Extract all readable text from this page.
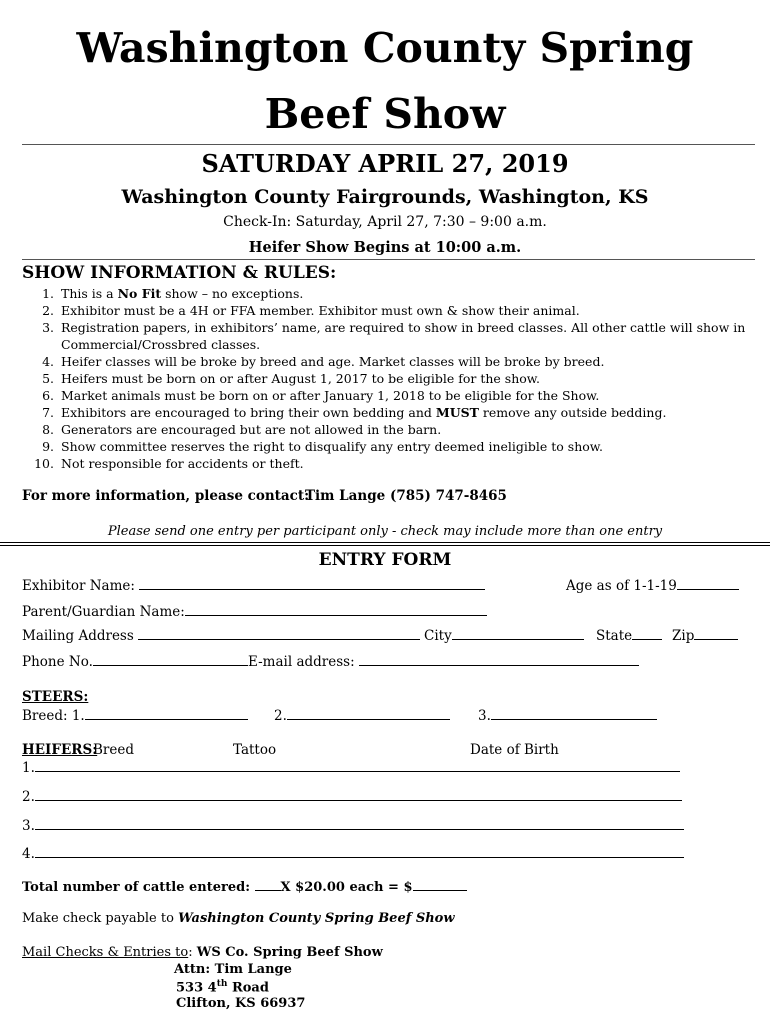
Washington County Spring
Beef Show
SATURDAY APRIL 27, 2019
Washington County Fairgrounds, Washington, KS
Check-In: Saturday, April 27, 7:30 – 9:00 a.m.
Heifer Show Begins at 10:00 a.m.
SHOW INFORMATION & RULES:
1. This is a No Fit show – no exceptions.
2. Exhibitor must be a 4H or FFA member. Exhibitor must own & show their animal.
3. Registration papers, in exhibitors’ name, are required to show in breed classes. All other cattle will show in Commercial/Crossbred classes.
4. Heifer classes will be broke by breed and age. Market classes will be broke by breed.
5. Heifers must be born on or after August 1, 2017 to be eligible for the show.
6. Market animals must be born on or after January 1, 2018 to be eligible for the Show.
7. Exhibitors are encouraged to bring their own bedding and MUST remove any outside bedding.
8. Generators are encouraged but are not allowed in the barn.
9. Show committee reserves the right to disqualify any entry deemed ineligible to show.
10. Not responsible for accidents or theft.
For more information, please contact:
Tim Lange (785) 747-8465
Please send one entry per participant only - check may include more than one entry
ENTRY FORM
Exhibitor Name:	Age as of 1-1-19
Parent/Guardian Name:
Mailing Address	City	State	Zip
Phone No.	E-mail address:
STEERS:
Breed: 1.	2.	3.
HEIFERS:
Breed	Tattoo	Date of Birth
1.
2.
3.
4.
Total number of cattle entered: X $20.00 each = $
Make check payable to Washington County Spring Beef Show
Mail Checks & Entries to: WS Co. Spring Beef Show
Attn: Tim Lange
533 4th Road
Clifton, KS 66937
